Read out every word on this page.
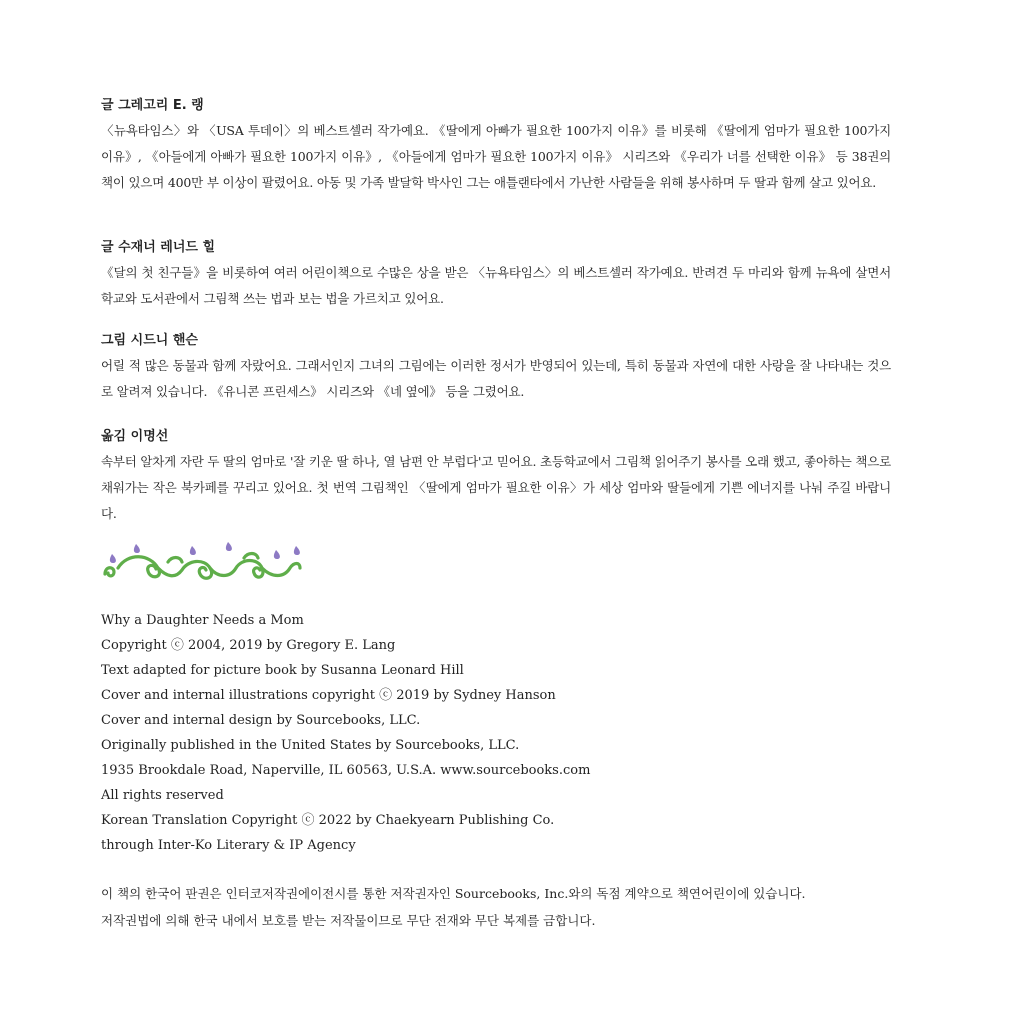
글 그레고리 E. 랭

〈뉴욕타임스〉와 〈USA 투데이〉의 베스트셀러 작가예요. 《딸에게 아빠가 필요한 100가지 이유》를 비롯해 《딸에게 엄마가 필요한 100가지 이유》, 《아들에게 아빠가 필요한 100가지 이유》, 《아들에게 엄마가 필요한 100가지 이유》 시리즈와 《우리가 너를 선택한 이유》 등 38권의 책이 있으며 400만 부 이상이 팔렸어요. 아동 및 가족 발달학 박사인 그는 애틀랜타에서 가난한 사람들을 위해 봉사하며 두 딸과 함께 살고 있어요.

글 수재너 레너드 힐

《달의 첫 친구들》을 비롯하여 여러 어린이책으로 수많은 상을 받은 〈뉴욕타임스〉의 베스트셀러 작가예요. 반려견 두 마리와 함께 뉴욕에 살면서 학교와 도서관에서 그림책 쓰는 법과 보는 법을 가르치고 있어요.

그림 시드니 핸슨

어릴 적 많은 동물과 함께 자랐어요. 그래서인지 그녀의 그림에는 이러한 정서가 반영되어 있는데, 특히 동물과 자연에 대한 사랑을 잘 나타내는 것으로 알려져 있습니다. 《유니콘 프린세스》 시리즈와 《네 옆에》 등을 그렸어요.

옮김 이명선

속부터 알차게 자란 두 딸의 엄마로 '잘 키운 딸 하나, 열 남편 안 부럽다'고 믿어요. 초등학교에서 그림책 읽어주기 봉사를 오래 했고, 좋아하는 책으로 채워가는 작은 북카페를 꾸리고 있어요. 첫 번역 그림책인 〈딸에게 엄마가 필요한 이유〉가 세상 엄마와 딸들에게 기쁜 에너지를 나눠 주길 바랍니다.

Why a Daughter Needs a Mom

Copyright ⓒ 2004, 2019 by Gregory E. Lang

Text adapted for picture book by Susanna Leonard Hill

Cover and internal illustrations copyright ⓒ 2019 by Sydney Hanson

Cover and internal design by Sourcebooks, LLC.

Originally published in the United States by Sourcebooks, LLC.

1935 Brookdale Road, Naperville, IL 60563, U.S.A. www.sourcebooks.com

All rights reserved

Korean Translation Copyright ⓒ 2022 by Chaekyearn Publishing Co.

through Inter-Ko Literary & IP Agency

이 책의 한국어 판권은 인터코저작권에이전시를 통한 저작권자인 Sourcebooks, Inc.와의 독점 계약으로 책연어린이에 있습니다.

저작권법에 의해 한국 내에서 보호를 받는 저작물이므로 무단 전재와 무단 복제를 금합니다.
